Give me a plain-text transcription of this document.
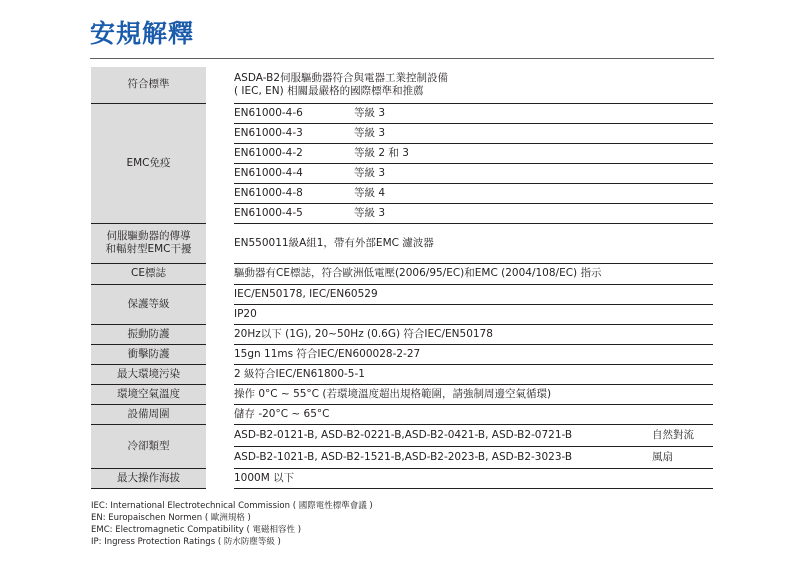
安規解釋
符合標準		ASDA-B2伺服驅動器符合與電器工業控制設備
( IEC, EN) 相關最嚴格的國際標準和推薦

EMC免疫		EN61000-4-6 等級 3

		EN61000-4-3 等級 3

		EN61000-4-2 等級 2 和 3

		EN61000-4-4 等級 3

		EN61000-4-8 等級 4

		EN61000-4-5 等級 3

伺服驅動器的傳導
和輻射型EMC干擾		EN550011級A組1，帶有外部EMC 濾波器
CE標誌		驅動器有CE標誌，符合歐洲低電壓(2006/95/EC)和EMC (2004/108/EC) 指示
保護等級		IEC/EN50178, IEC/EN60529
		IP20
振動防護		20Hz以下 (1G), 20~50Hz (0.6G) 符合IEC/EN50178
衝擊防護		15gn 11ms 符合IEC/EN600028-2-27
最大環境污染		2 級符合IEC/EN61800-5-1
環境空氣溫度		操作 0°C ~ 55°C (若環境溫度超出規格範圍，請強制周邊空氣循環)
設備周圍		儲存 -20°C ~ 65°C
冷卻類型		ASD-B2-0121-B, ASD-B2-0221-B,ASD-B2-0421-B, ASD-B2-0721-B 自然對流

		ASD-B2-1021-B, ASD-B2-1521-B,ASD-B2-2023-B, ASD-B2-3023-B 風扇

最大操作海拔		1000M 以下
IEC: International Electrotechnical Commission ( 國際電性標準會議 )
EN: Europaischen Normen ( 歐洲規格 )
EMC: Electromagnetic Compatibility ( 電磁相容性 )
IP: Ingress Protection Ratings ( 防水防塵等級 )
